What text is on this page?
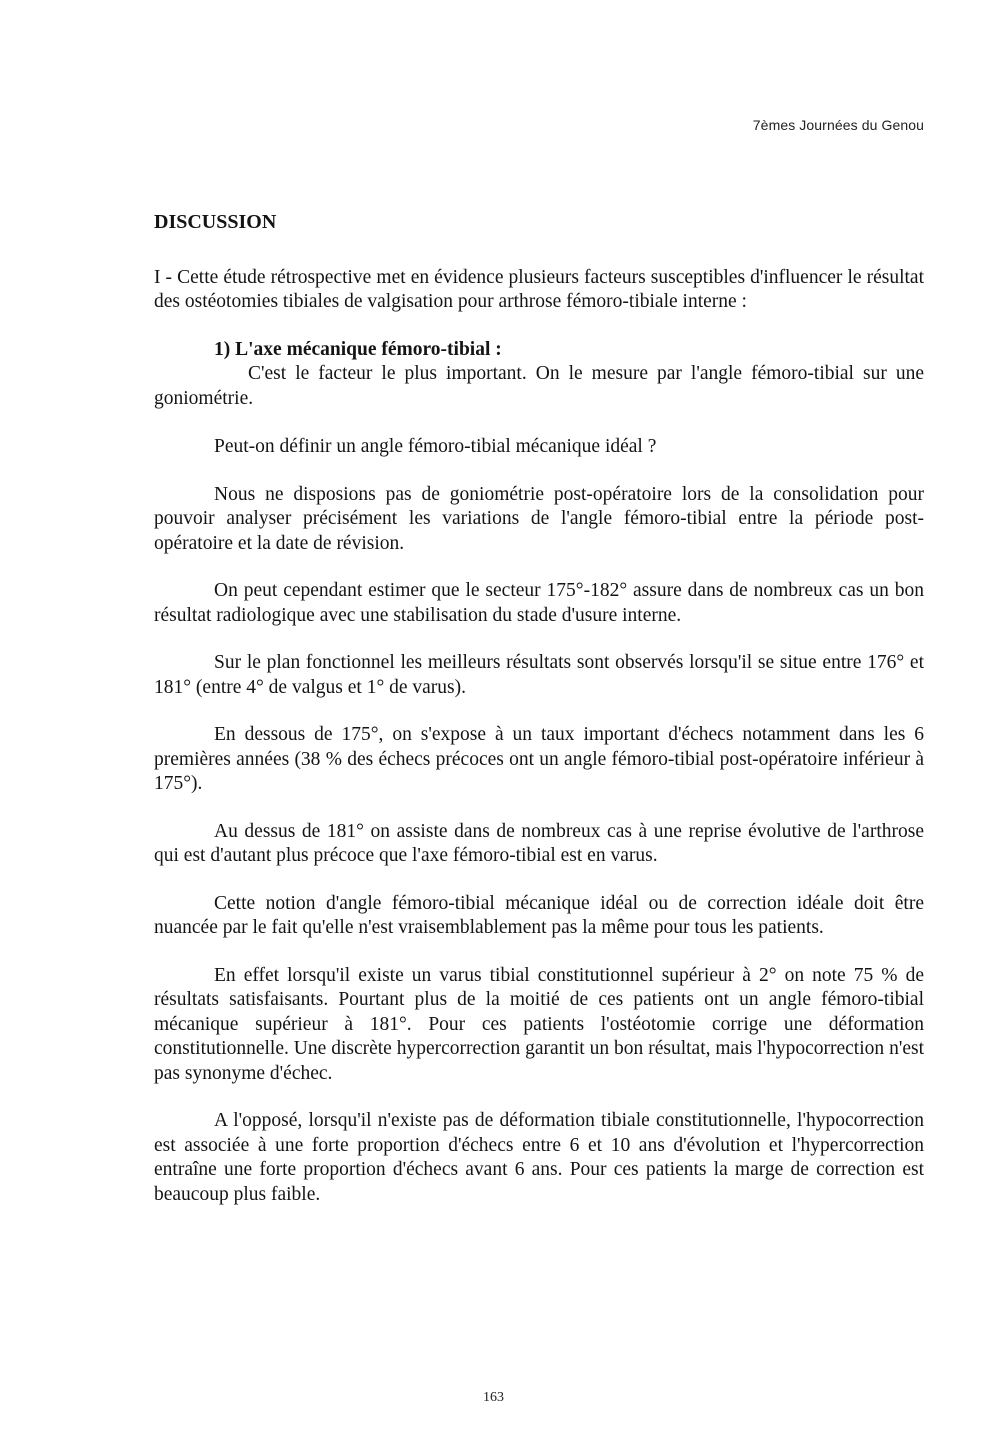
7èmes Journées du Genou
DISCUSSION

I - Cette étude rétrospective met en évidence plusieurs facteurs susceptibles d'influencer le résultat des ostéotomies tibiales de valgisation pour arthrose fémoro-tibiale interne :

1) L'axe mécanique fémoro-tibial :

C'est le facteur le plus important. On le mesure par l'angle fémoro-tibial sur une goniométrie.

Peut-on définir un angle fémoro-tibial mécanique idéal ?

Nous ne disposions pas de goniométrie post-opératoire lors de la consolidation pour pouvoir analyser précisément les variations de l'angle fémoro-tibial entre la période post-opératoire et la date de révision.

On peut cependant estimer que le secteur 175°-182° assure dans de nombreux cas un bon résultat radiologique avec une stabilisation du stade d'usure interne.

Sur le plan fonctionnel les meilleurs résultats sont observés lorsqu'il se situe entre 176° et 181° (entre 4° de valgus et 1° de varus).

En dessous de 175°, on s'expose à un taux important d'échecs notamment dans les 6 premières années (38 % des échecs précoces ont un angle fémoro-tibial post-opératoire inférieur à 175°).

Au dessus de 181° on assiste dans de nombreux cas à une reprise évolutive de l'arthrose qui est d'autant plus précoce que l'axe fémoro-tibial est en varus.

Cette notion d'angle fémoro-tibial mécanique idéal ou de correction idéale doit être nuancée par le fait qu'elle n'est vraisemblablement pas la même pour tous les patients.

En effet lorsqu'il existe un varus tibial constitutionnel supérieur à 2° on note 75 % de résultats satisfaisants. Pourtant plus de la moitié de ces patients ont un angle fémoro-tibial mécanique supérieur à 181°. Pour ces patients l'ostéotomie corrige une déformation constitutionnelle. Une discrète hypercorrection garantit un bon résultat, mais l'hypocorrection n'est pas synonyme d'échec.

A l'opposé, lorsqu'il n'existe pas de déformation tibiale constitutionnelle, l'hypocorrection est associée à une forte proportion d'échecs entre 6 et 10 ans d'évolution et l'hypercorrection entraîne une forte proportion d'échecs avant 6 ans. Pour ces patients la marge de correction est beaucoup plus faible.

163
